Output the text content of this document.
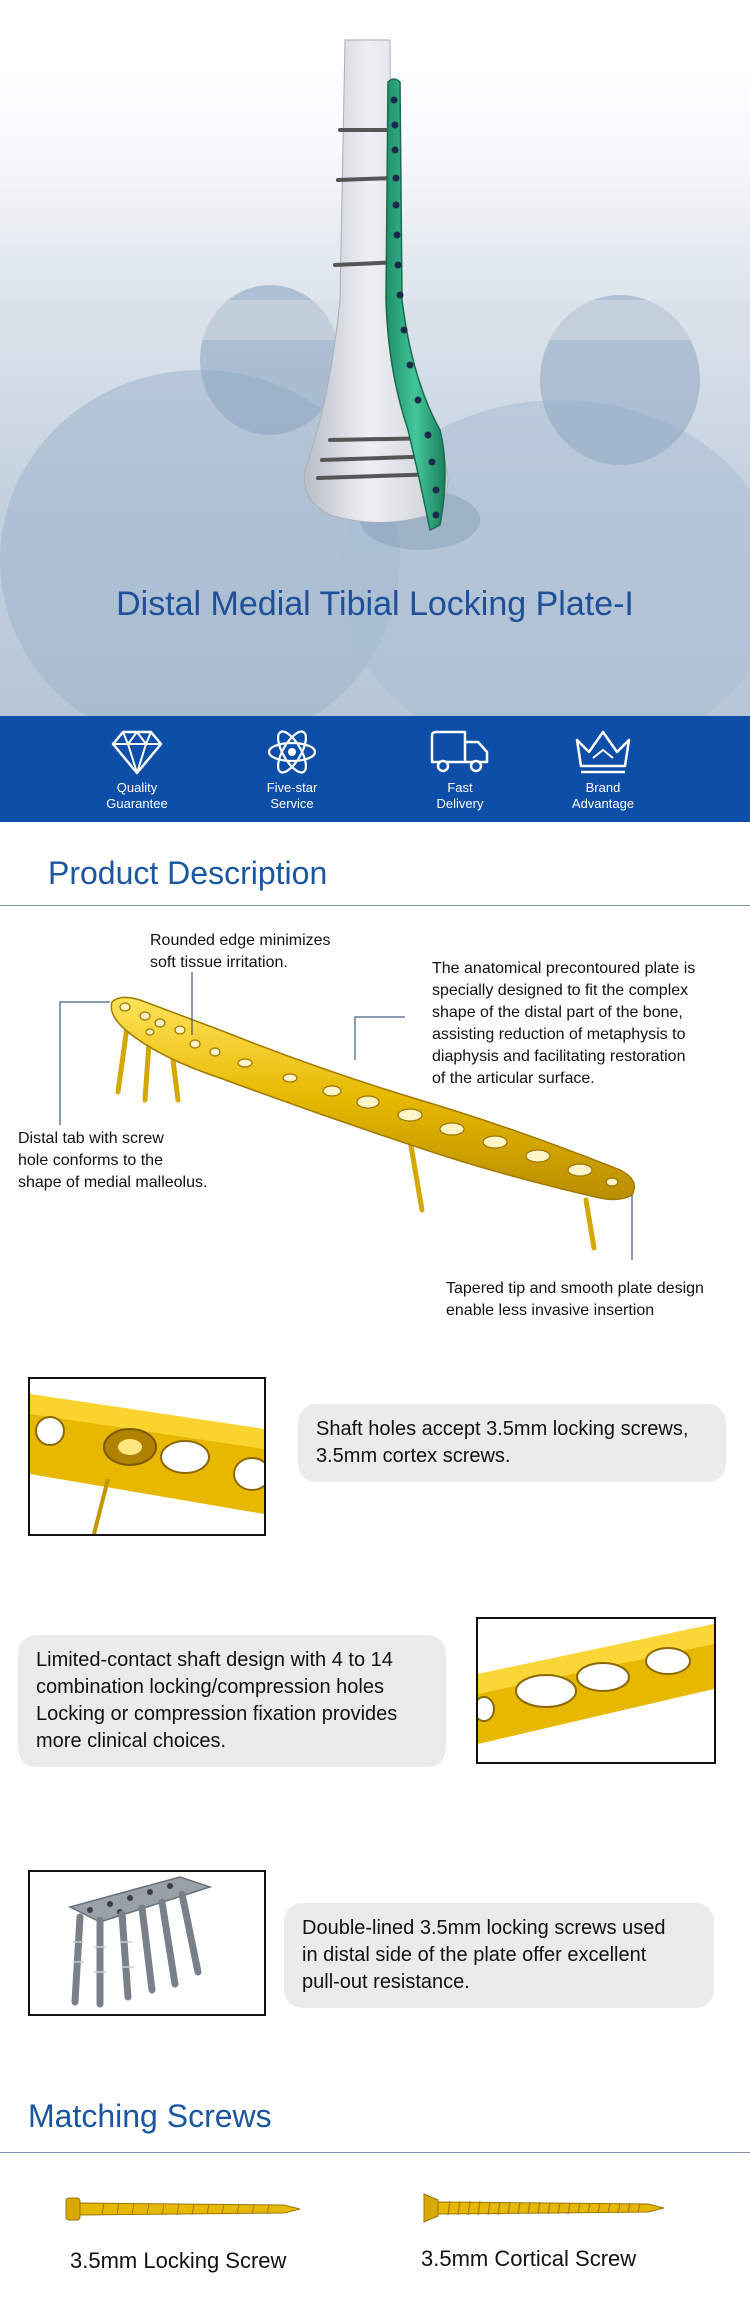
Distal Medial Tibial Locking Plate-I
Quality
Guarantee
Five-star
Service
Fast
Delivery
Brand
Advantage
Product Description
Rounded edge minimizes
soft tissue irritation.	The anatomical precontoured plate is
specially designed to fit the complex
shape of the distal part of the bone,
assisting reduction of metaphysis to
diaphysis and facilitating restoration
of the articular surface.
Distal tab with screw
hole conforms to the
shape of medial malleolus.
Tapered tip and smooth plate design
enable less invasive insertion
Shaft holes accept 3.5mm locking screws,
3.5mm cortex screws.
Limited-contact shaft design with 4 to 14
combination locking/compression holes
Locking or compression fixation provides
more clinical choices.
Double-lined 3.5mm locking screws used
in distal side of the plate offer excellent
pull-out resistance.
Matching Screws
3.5mm Locking Screw	3.5mm Cortical Screw
